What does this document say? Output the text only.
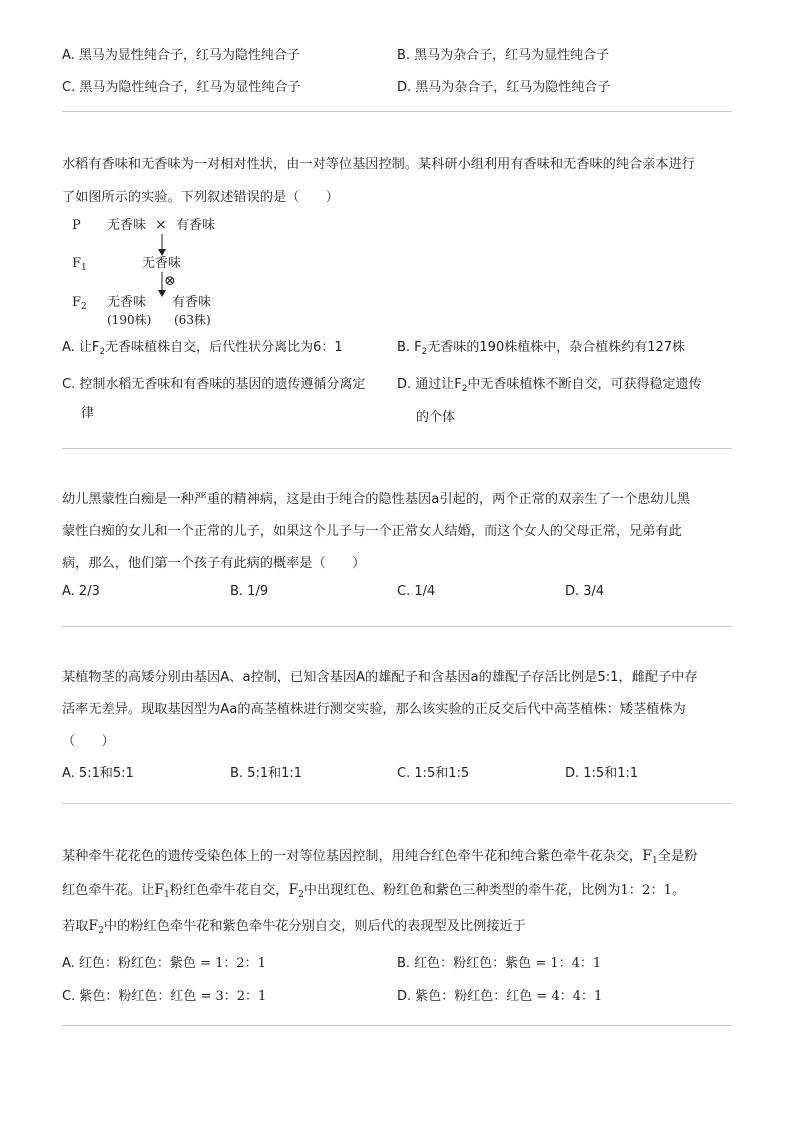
A. 黑马为显性纯合子，红马为隐性纯合子	B. 黑马为杂合子，红马为显性纯合子
C. 黑马为隐性纯合子，红马为显性纯合子	D. 黑马为杂合子，红马为隐性纯合子
水稻有香味和无香味为一对相对性状，由一对等位基因控制。某科研小组利用有香味和无香味的纯合亲本进行
了如图所示的实验。下列叙述错误的是（　　）
P 无香味 × 有香味
$F_1$	无香味
⊗
$F_2$ 无香味 有香味
(190株) (63株)
A. 让$F_2$无香味植株自交，后代性状分离比为6：1	B. $F_2$无香味的190株植株中，杂合植株约有127株
C. 控制水稻无香味和有香味的基因的遗传遵循分离定
律
D. 通过让$F_2$中无香味植株不断自交，可获得稳定遗传
的个体
幼儿黑蒙性白痴是一种严重的精神病，这是由于纯合的隐性基因a引起的，两个正常的双亲生了一个患幼儿黑
蒙性白痴的女儿和一个正常的儿子，如果这个儿子与一个正常女人结婚，而这个女人的父母正常，兄弟有此
病，那么，他们第一个孩子有此病的概率是（　　）
A. 2/3	B. 1/9	C. 1/4	D. 3/4
某植物茎的高矮分别由基因A、a控制，已知含基因A的雄配子和含基因a的雄配子存活比例是5:1，雌配子中存
活率无差异。现取基因型为Aa的高茎植株进行测交实验，那么该实验的正反交后代中高茎植株：矮茎植株为
（　　）
A. 5:1和5:1	B. 5:1和1:1	C. 1:5和1:5	D. 1:5和1:1
某种牵牛花花色的遗传受染色体上的一对等位基因控制，用纯合红色牵牛花和纯合紫色牵牛花杂交，$F_1$全是粉
红色牵牛花。让$F_1$粉红色牵牛花自交，$F_2$中出现红色、粉红色和紫色三种类型的牵牛花，比例为1：2：1。
若取$F_2$中的粉红色牵牛花和紫色牵牛花分别自交，则后代的表现型及比例接近于
A. 红色：粉红色：紫色 = 1：2：1	B. 红色：粉红色：紫色 = 1：4：1
C. 紫色：粉红色：红色 = 3：2：1	D. 紫色：粉红色：红色 = 4：4：1
